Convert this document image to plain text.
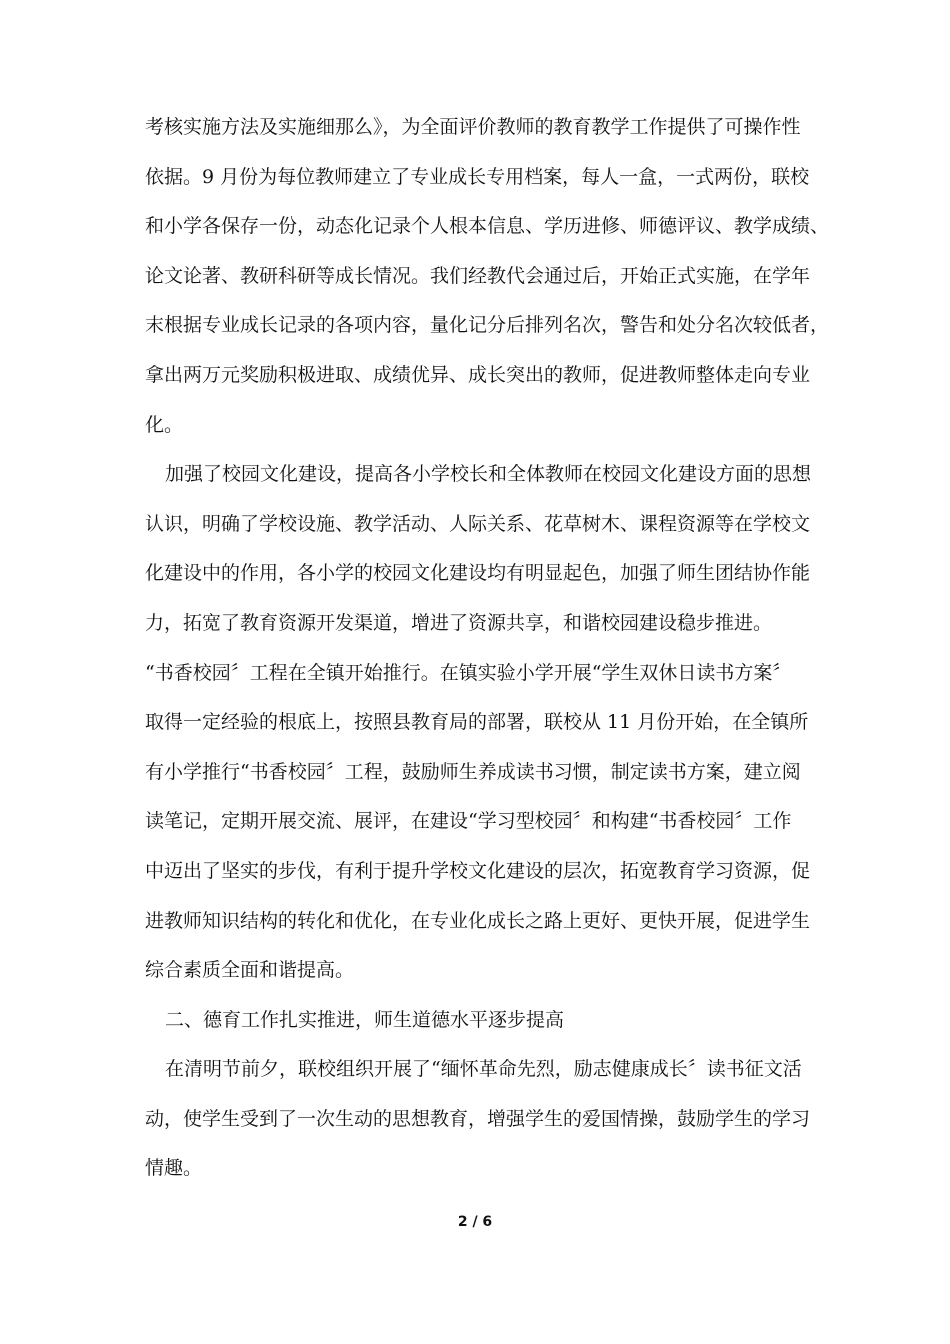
考核实施方法及实施细那么》，为全面评价教师的教育教学工作提供了可操作性
依据。9 月份为每位教师建立了专业成长专用档案，每人一盒，一式两份，联校
和小学各保存一份，动态化记录个人根本信息、学历进修、师德评议、教学成绩、
论文论著、教研科研等成长情况。我们经教代会通过后，开始正式实施，在学年
末根据专业成长记录的各项内容，量化记分后排列名次，警告和处分名次较低者，
拿出两万元奖励积极进取、成绩优异、成长突出的教师，促进教师整体走向专业
化。
加强了校园文化建设，提高各小学校长和全体教师在校园文化建设方面的思想
认识，明确了学校设施、教学活动、人际关系、花草树木、课程资源等在学校文
化建设中的作用，各小学的校园文化建设均有明显起色，加强了师生团结协作能
力，拓宽了教育资源开发渠道，增进了资源共享，和谐校园建设稳步推进。
“书香校园〞工程在全镇开始推行。在镇实验小学开展“学生双休日读书方案〞
取得一定经验的根底上，按照县教育局的部署，联校从 11 月份开始，在全镇所
有小学推行“书香校园〞工程，鼓励师生养成读书习惯，制定读书方案，建立阅
读笔记，定期开展交流、展评，在建设“学习型校园〞和构建“书香校园〞工作
中迈出了坚实的步伐，有利于提升学校文化建设的层次，拓宽教育学习资源，促
进教师知识结构的转化和优化，在专业化成长之路上更好、更快开展，促进学生
综合素质全面和谐提高。
二、德育工作扎实推进，师生道德水平逐步提高
在清明节前夕，联校组织开展了“缅怀革命先烈，励志健康成长〞读书征文活
动，使学生受到了一次生动的思想教育，增强学生的爱国情操，鼓励学生的学习
情趣。
2 / 6
